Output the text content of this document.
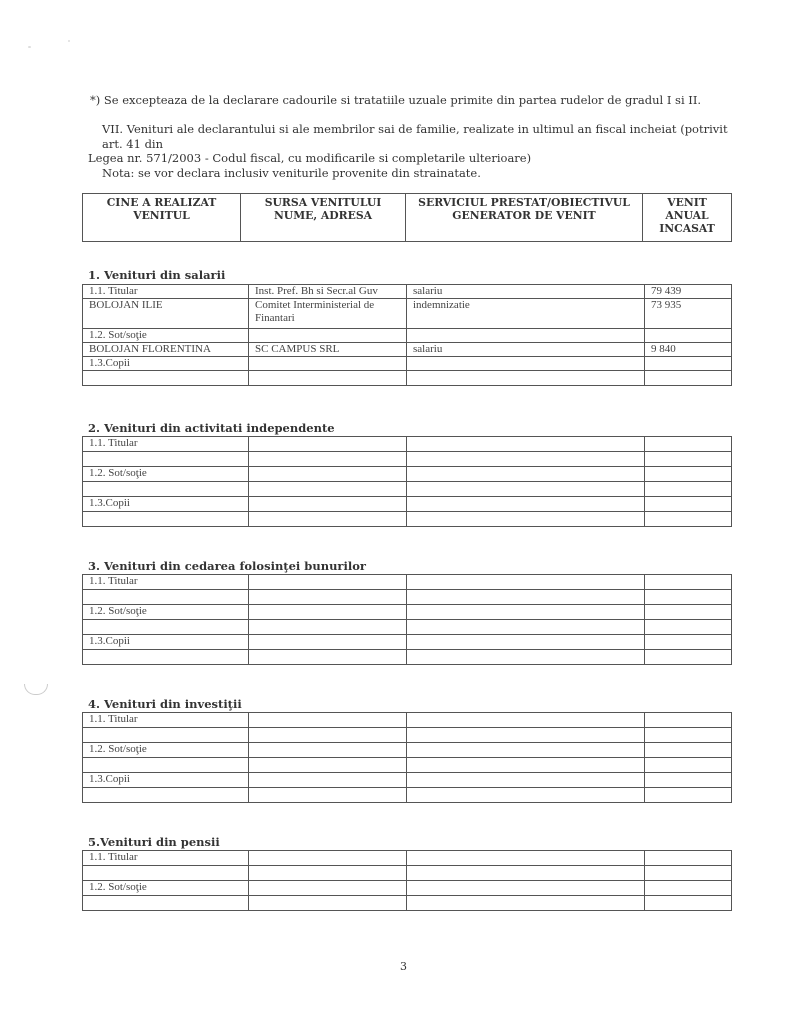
*) Se excepteaza de la declarare cadourile si tratatiile uzuale primite din partea rudelor de gradul I si II.
VII. Venituri ale declarantului si ale membrilor sai de familie, realizate in ultimul an fiscal incheiat (potrivit art. 41 din
Legea nr. 571/2003 - Codul fiscal, cu modificarile si completarile ulterioare)
Nota: se vor declara inclusiv veniturile provenite din strainatate.
CINE A REALIZAT VENITUL	SURSA VENITULUI NUME, ADRESA	SERVICIUL PRESTAT/OBIECTIVUL GENERATOR DE VENIT	VENIT ANUAL INCASAT
1. Venituri din salarii
1.1. Titular	Inst. Pref. Bh si Secr.al Guv	salariu	79 439
BOLOJAN ILIE	Comitet Interministerial de Finantari	indemnizatie	73 935
1.2. Sot/soţie			
BOLOJAN FLORENTINA	SC CAMPUS SRL	salariu	9 840
1.3.Copii			

2. Venituri din activitati independente
1.1. Titular			

1.2. Sot/soţie			

1.3.Copii			

3. Venituri din cedarea folosinţei bunurilor
1.1. Titular			

1.2. Sot/soţie			

1.3.Copii			

4. Venituri din investiţii
1.1. Titular			

1.2. Sot/soţie			

1.3.Copii			

5.Venituri din pensii
1.1. Titular			

1.2. Sot/soţie			

3
